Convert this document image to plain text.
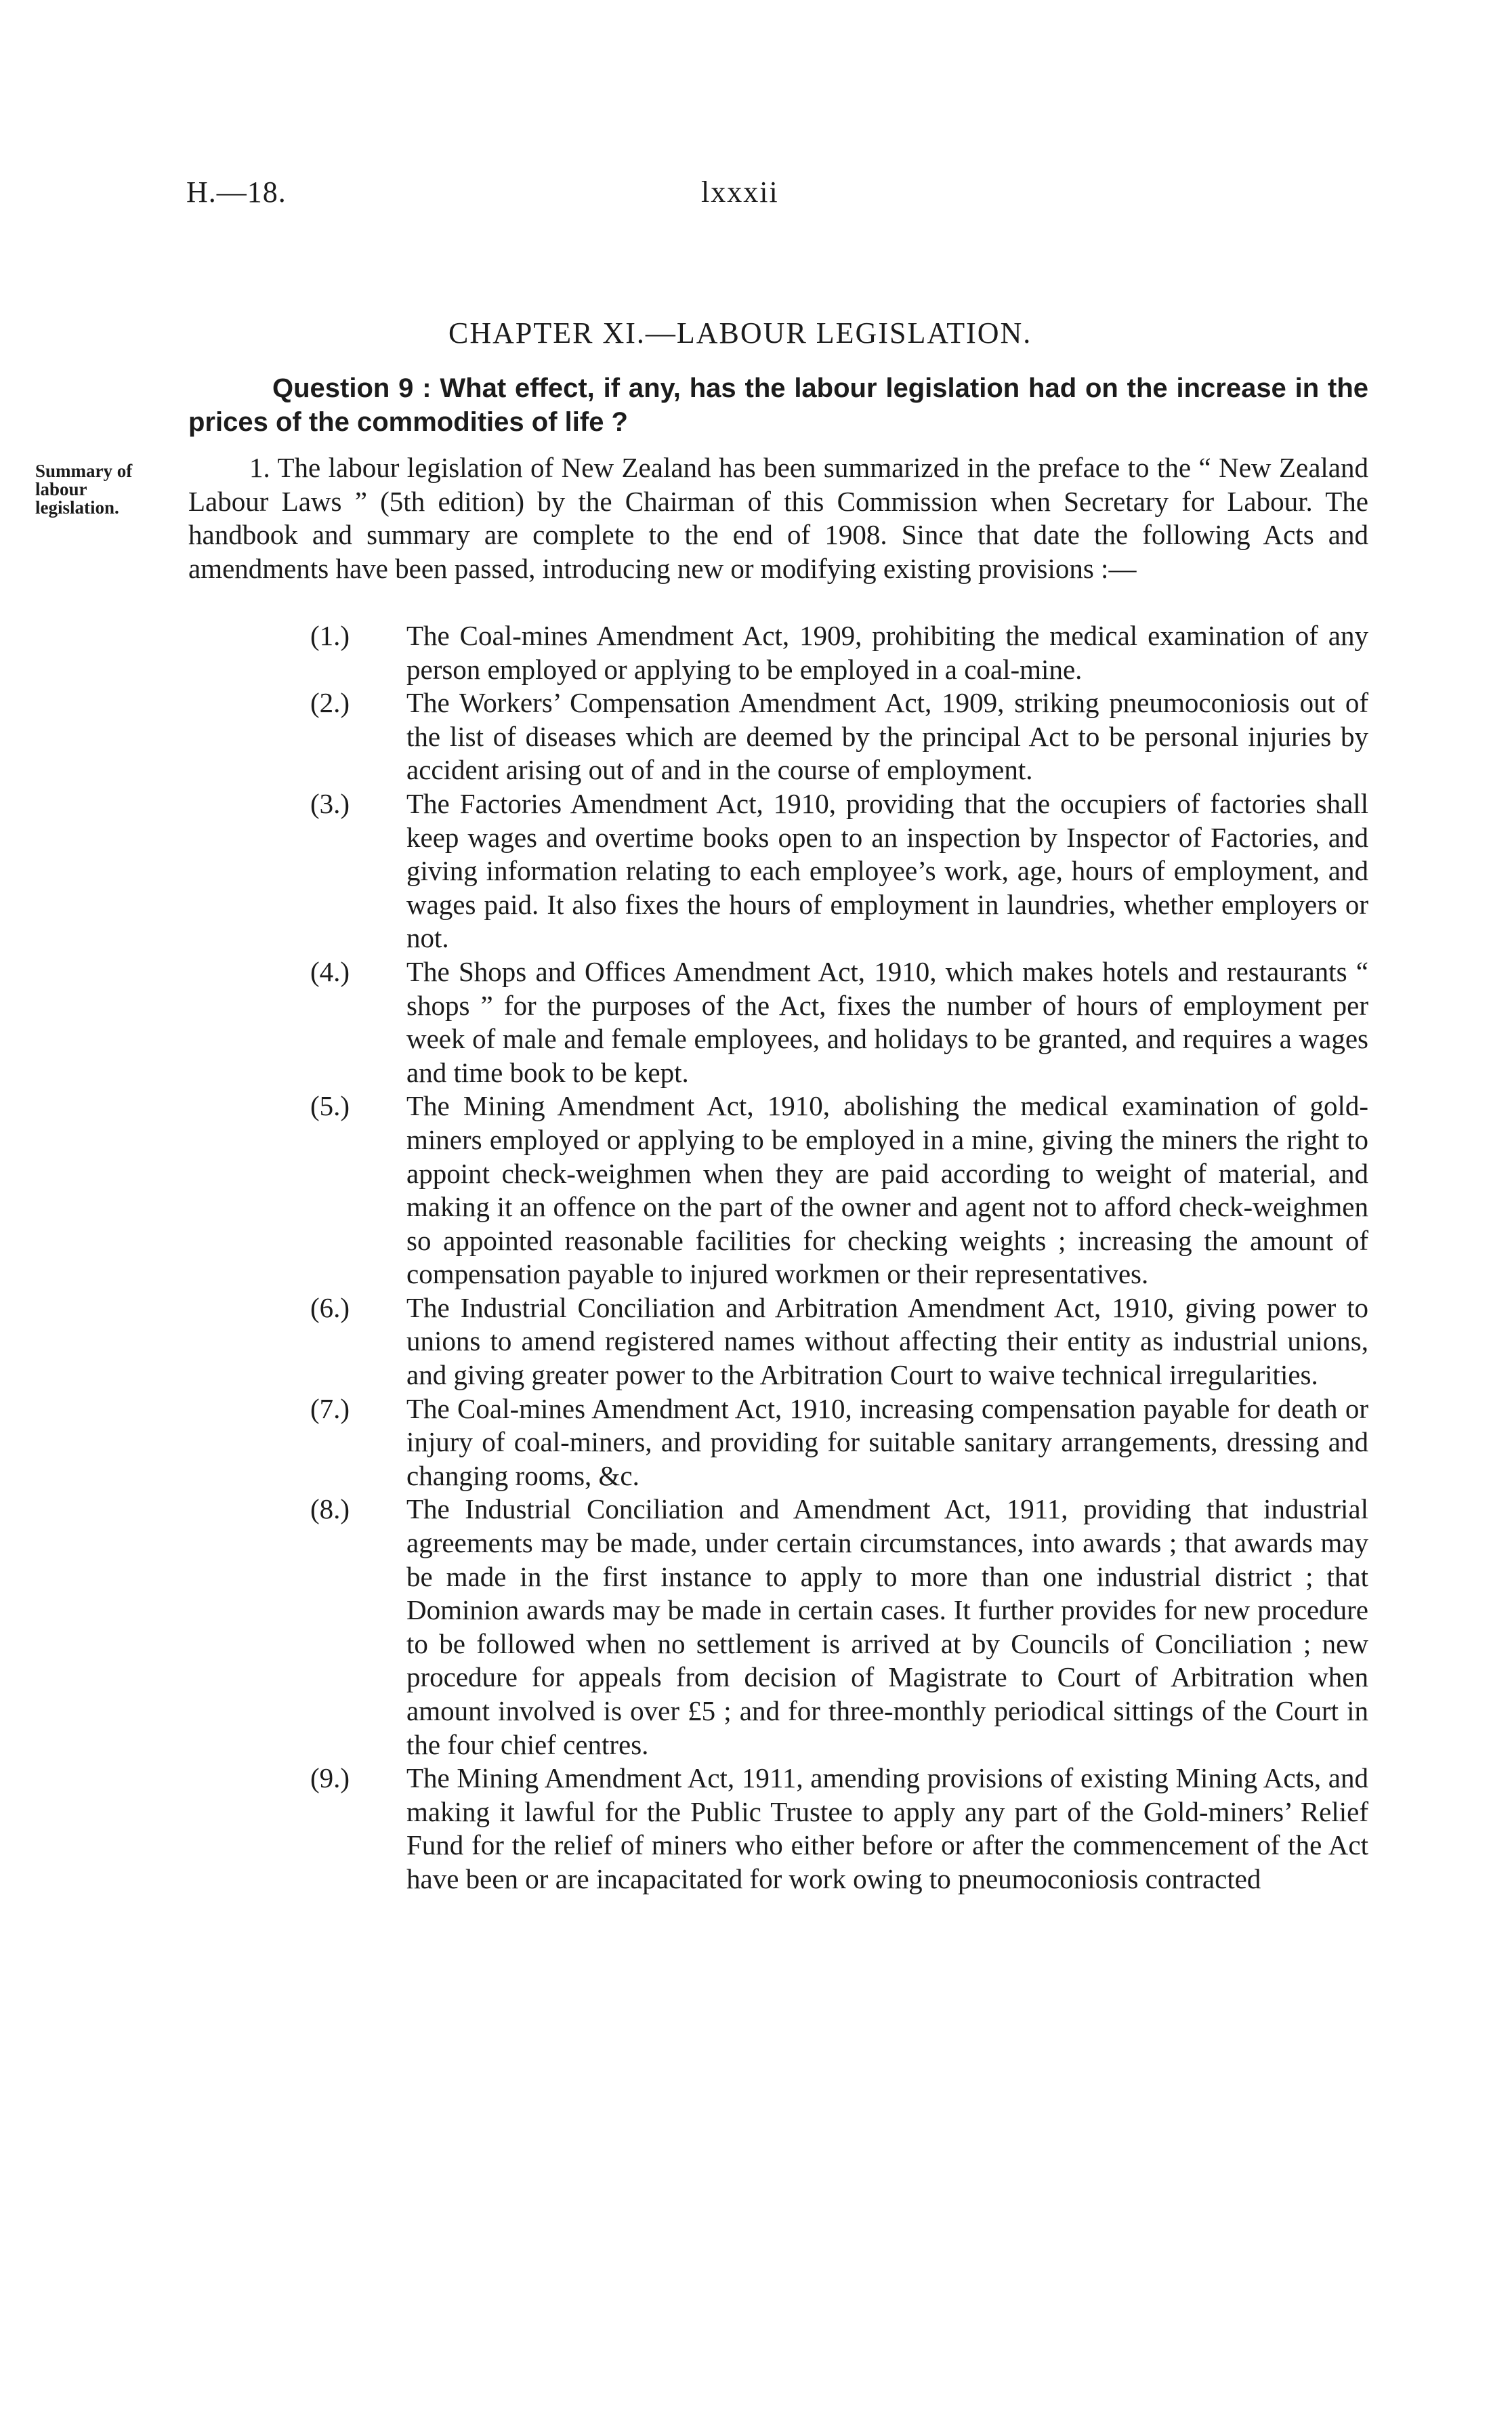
H.—18.	lxxxii
CHAPTER XI.—LABOUR LEGISLATION.
Question 9 : What effect, if any, has the labour legislation had on the increase in the prices of the commodities of life ?
Summary of labour legislation.
1. The labour legislation of New Zealand has been summarized in the preface to the “ New Zealand Labour Laws ” (5th edition) by the Chairman of this Commission when Secretary for Labour. The handbook and summary are complete to the end of 1908. Since that date the following Acts and amendments have been passed, introducing new or modifying existing provisions :—
(1.) The Coal-mines Amendment Act, 1909, prohibiting the medical examination of any person employed or applying to be employed in a coal-mine.
(2.) The Workers’ Compensation Amendment Act, 1909, striking pneumoconiosis out of the list of diseases which are deemed by the principal Act to be personal injuries by accident arising out of and in the course of employment.
(3.) The Factories Amendment Act, 1910, providing that the occupiers of factories shall keep wages and overtime books open to an inspection by Inspector of Factories, and giving information relating to each employee’s work, age, hours of employment, and wages paid. It also fixes the hours of employment in laundries, whether employers or not.
(4.) The Shops and Offices Amendment Act, 1910, which makes hotels and restaurants “ shops ” for the purposes of the Act, fixes the number of hours of employment per week of male and female employees, and holidays to be granted, and requires a wages and time book to be kept.
(5.) The Mining Amendment Act, 1910, abolishing the medical examination of gold-miners employed or applying to be employed in a mine, giving the miners the right to appoint check-weighmen when they are paid according to weight of material, and making it an offence on the part of the owner and agent not to afford check-weighmen so appointed reasonable facilities for checking weights ; increasing the amount of compensation payable to injured workmen or their representatives.
(6.) The Industrial Conciliation and Arbitration Amendment Act, 1910, giving power to unions to amend registered names without affecting their entity as industrial unions, and giving greater power to the Arbitration Court to waive technical irregularities.
(7.) The Coal-mines Amendment Act, 1910, increasing compensation payable for death or injury of coal-miners, and providing for suitable sanitary arrangements, dressing and changing rooms, &c.
(8.) The Industrial Conciliation and Amendment Act, 1911, providing that industrial agreements may be made, under certain circumstances, into awards ; that awards may be made in the first instance to apply to more than one industrial district ; that Dominion awards may be made in certain cases. It further provides for new procedure to be followed when no settlement is arrived at by Councils of Conciliation ; new procedure for appeals from decision of Magistrate to Court of Arbitration when amount involved is over £5 ; and for three-monthly periodical sittings of the Court in the four chief centres.
(9.) The Mining Amendment Act, 1911, amending provisions of existing Mining Acts, and making it lawful for the Public Trustee to apply any part of the Gold-miners’ Relief Fund for the relief of miners who either before or after the commencement of the Act have been or are incapacitated for work owing to pneumoconiosis contracted
